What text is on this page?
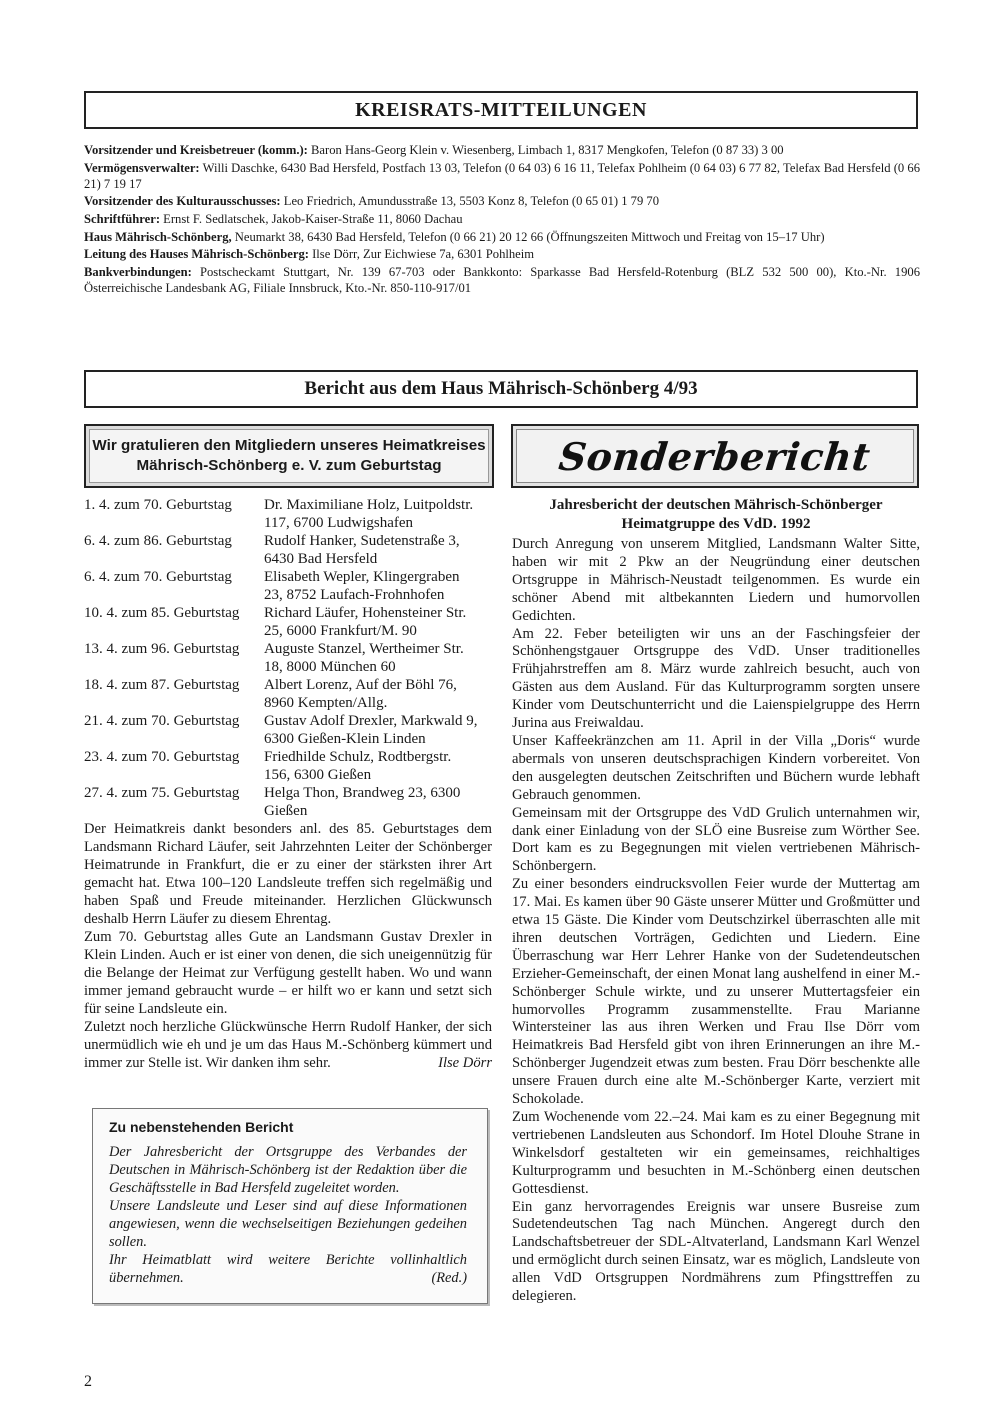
KREISRATS-MITTEILUNGEN

Vorsitzender und Kreisbetreuer (komm.): Baron Hans-Georg Klein v. Wiesenberg, Limbach 1, 8317 Mengkofen, Telefon (0 87 33) 3 00

Vermögensverwalter: Willi Daschke, 6430 Bad Hersfeld, Postfach 13 03, Telefon (0 64 03) 6 16 11, Telefax Pohlheim (0 64 03) 6 77 82, Telefax Bad Hersfeld (0 66 21) 7 19 17

Vorsitzender des Kulturausschusses: Leo Friedrich, Amundusstraße 13, 5503 Konz 8, Telefon (0 65 01) 1 79 70

Schriftführer: Ernst F. Sedlatschek, Jakob-Kaiser-Straße 11, 8060 Dachau

Haus Mährisch-Schönberg, Neumarkt 38, 6430 Bad Hersfeld, Telefon (0 66 21) 20 12 66 (Öffnungszeiten Mittwoch und Freitag von 15–17 Uhr)

Leitung des Hauses Mährisch-Schönberg: Ilse Dörr, Zur Eichwiese 7a, 6301 Pohlheim

Bankverbindungen: Postscheckamt Stuttgart, Nr. 139 67-703 oder Bankkonto: Sparkasse Bad Hersfeld-Rotenburg (BLZ 532 500 00), Kto.-Nr. 1906 Österreichische Landesbank AG, Filiale Innsbruck, Kto.-Nr. 850-110-917/01

Bericht aus dem Haus Mährisch-Schönberg 4/93
Wir gratulieren den Mitgliedern unseres Heimatkreises
Mährisch-Schönberg e. V. zum Geburtstag	Sonderbericht
1. 4. zum 70. Geburtstag	Dr. Maximiliane Holz, Luitpoldstr.
117, 6700 Ludwigshafen
6. 4. zum 86. Geburtstag	Rudolf Hanker, Sudetenstraße 3,
6430 Bad Hersfeld
6. 4. zum 70. Geburtstag	Elisabeth Wepler, Klingergraben
23, 8752 Laufach-Frohnhofen
10. 4. zum 85. Geburtstag	Richard Läufer, Hohensteiner Str.
25, 6000 Frankfurt/M. 90
13. 4. zum 96. Geburtstag	Auguste Stanzel, Wertheimer Str.
18, 8000 München 60
18. 4. zum 87. Geburtstag	Albert Lorenz, Auf der Böhl 76,
8960 Kempten/Allg.
21. 4. zum 70. Geburtstag	Gustav Adolf Drexler, Markwald 9,
6300 Gießen-Klein Linden
23. 4. zum 70. Geburtstag	Friedhilde Schulz, Rodtbergstr.
156, 6300 Gießen
27. 4. zum 75. Geburtstag	Helga Thon, Brandweg 23, 6300
Gießen

Der Heimatkreis dankt besonders anl. des 85. Geburtstages dem Landsmann Richard Läufer, seit Jahrzehnten Leiter der Schönberger Heimatrunde in Frankfurt, die er zu einer der stärksten ihrer Art gemacht hat. Etwa 100–120 Landsleute treffen sich regelmäßig und haben Spaß und Freude miteinander. Herzlichen Glückwunsch deshalb Herrn Läufer zu diesem Ehrentag.

Zum 70. Geburtstag alles Gute an Landsmann Gustav Drexler in Klein Linden. Auch er ist einer von denen, die sich uneigennützig für die Belange der Heimat zur Verfügung gestellt haben. Wo und wann immer jemand gebraucht wurde – er hilft wo er kann und setzt sich für seine Landsleute ein.

Zuletzt noch herzliche Glückwünsche Herrn Rudolf Hanker, der sich unermüdlich wie eh und je um das Haus M.-Schönberg kümmert und immer zur Stelle ist. Wir danken ihm sehr.	Ilse Dörr

Zu nebenstehenden Bericht

Der Jahresbericht der Ortsgruppe des Verbandes der Deutschen in Mährisch-Schönberg ist der Redaktion über die Geschäftsstelle in Bad Hersfeld zugeleitet worden.

Unsere Landsleute und Leser sind auf diese Informationen angewiesen, wenn die wechselseitigen Beziehungen gedeihen sollen.

Ihr Heimatblatt wird weitere Berichte vollinhaltlich übernehmen.	(Red.)

Jahresbericht der deutschen Mährisch-Schönberger
Heimatgruppe des VdD. 1992

Durch Anregung von unserem Mitglied, Landsmann Walter Sitte, haben wir mit 2 Pkw an der Neugründung einer deutschen Ortsgruppe in Mährisch-Neustadt teilgenommen. Es wurde ein schöner Abend mit altbekannten Liedern und humorvollen Gedichten.

Am 22. Feber beteiligten wir uns an der Faschingsfeier der Schönhengstgauer Ortsgruppe des VdD. Unser traditionelles Frühjahrstreffen am 8. März wurde zahlreich besucht, auch von Gästen aus dem Ausland. Für das Kulturprogramm sorgten unsere Kinder vom Deutschunterricht und die Laienspielgruppe des Herrn Jurina aus Freiwaldau.

Unser Kaffeekränzchen am 11. April in der Villa „Doris“ wurde abermals von unseren deutschsprachigen Kindern vorbereitet. Von den ausgelegten deutschen Zeitschriften und Büchern wurde lebhaft Gebrauch genommen.

Gemeinsam mit der Ortsgruppe des VdD Grulich unternahmen wir, dank einer Einladung von der SLÖ eine Busreise zum Wörther See. Dort kam es zu Begegnungen mit vielen vertriebenen Mährisch-Schönbergern.

Zu einer besonders eindrucksvollen Feier wurde der Muttertag am 17. Mai. Es kamen über 90 Gäste unserer Mütter und Großmütter und etwa 15 Gäste. Die Kinder vom Deutschzirkel überraschten alle mit ihren deutschen Vorträgen, Gedichten und Liedern. Eine Überraschung war Herr Lehrer Hanke von der Sudetendeutschen Erzieher-Gemeinschaft, der einen Monat lang aushelfend in einer M.-Schönberger Schule wirkte, und zu unserer Muttertagsfeier ein humorvolles Programm zusammenstellte. Frau Marianne Wintersteiner las aus ihren Werken und Frau Ilse Dörr vom Heimatkreis Bad Hersfeld gibt von ihren Erinnerungen an ihre M.-Schönberger Jugendzeit etwas zum besten. Frau Dörr beschenkte alle unsere Frauen durch eine alte M.-Schönberger Karte, verziert mit Schokolade.

Zum Wochenende vom 22.–24. Mai kam es zu einer Begegnung mit vertriebenen Landsleuten aus Schondorf. Im Hotel Dlouhe Strane in Winkelsdorf gestalteten wir ein gemeinsames, reichhaltiges Kulturprogramm und besuchten in M.-Schönberg einen deutschen Gottesdienst.

Ein ganz hervorragendes Ereignis war unsere Busreise zum Sudetendeutschen Tag nach München. Angeregt durch den Landschaftsbetreuer der SDL-Altvaterland, Landsmann Karl Wenzel und ermöglicht durch seinen Einsatz, war es möglich, Landsleute von allen VdD Ortsgruppen Nordmährens zum Pfingsttreffen zu delegieren.

2
